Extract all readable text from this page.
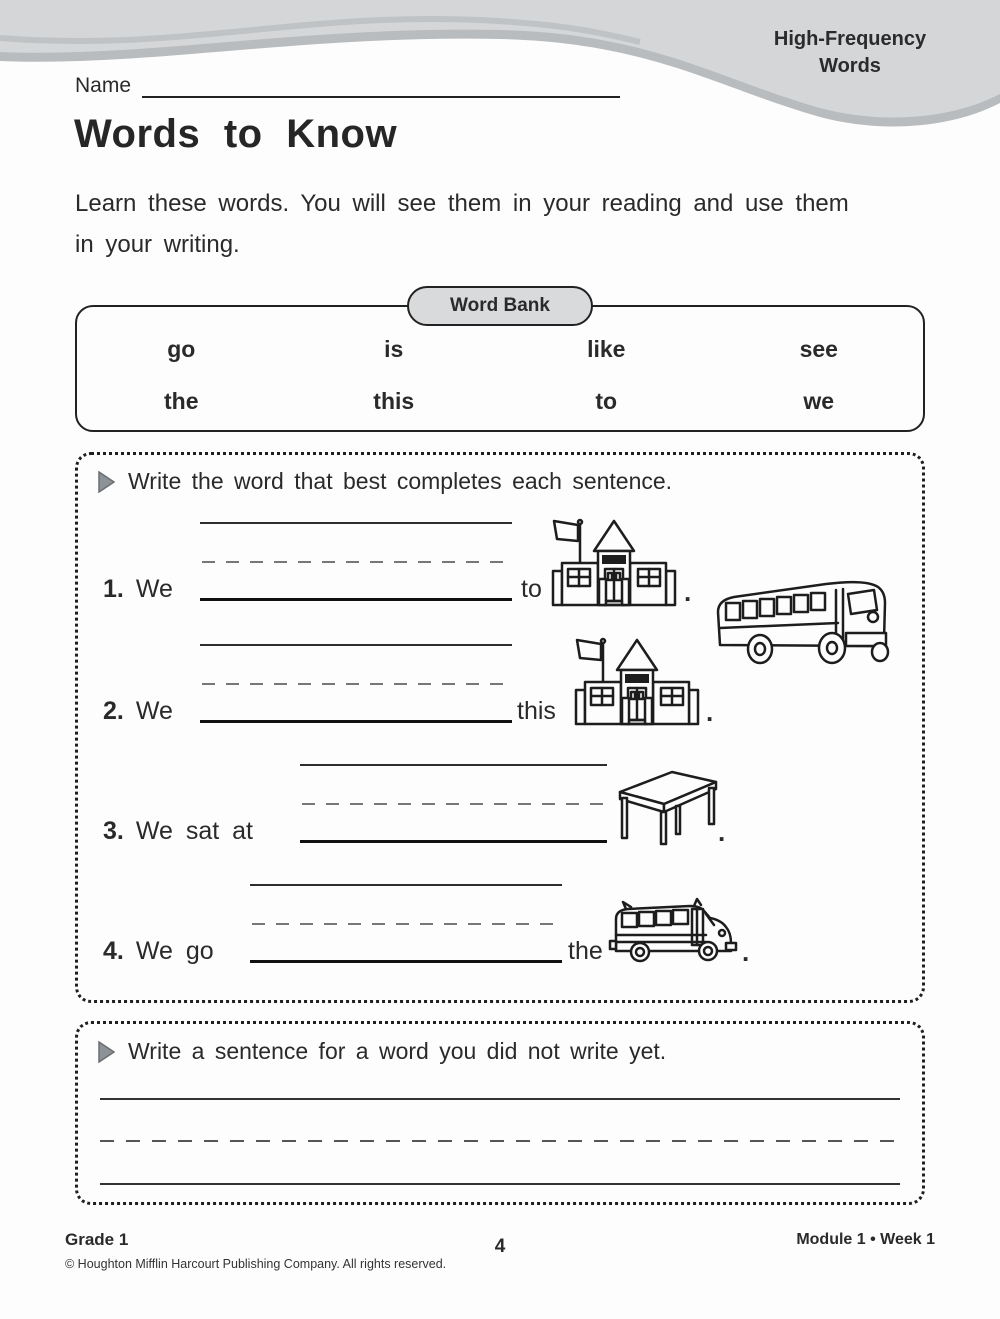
High-Frequency
Words
Name
Words to Know

Learn these words. You will see them in your reading and use them in your writing.

Word Bank
go	is	like	see
the	this	to	we
Write the word that best completes each sentence.
1. We	to	.
2. We	this	.
3. We sat at	.
4. We go	the	.
Write a sentence for a word you did not write yet.
Grade 1	4	Module 1 • Week 1
© Houghton Mifflin Harcourt Publishing Company. All rights reserved.
